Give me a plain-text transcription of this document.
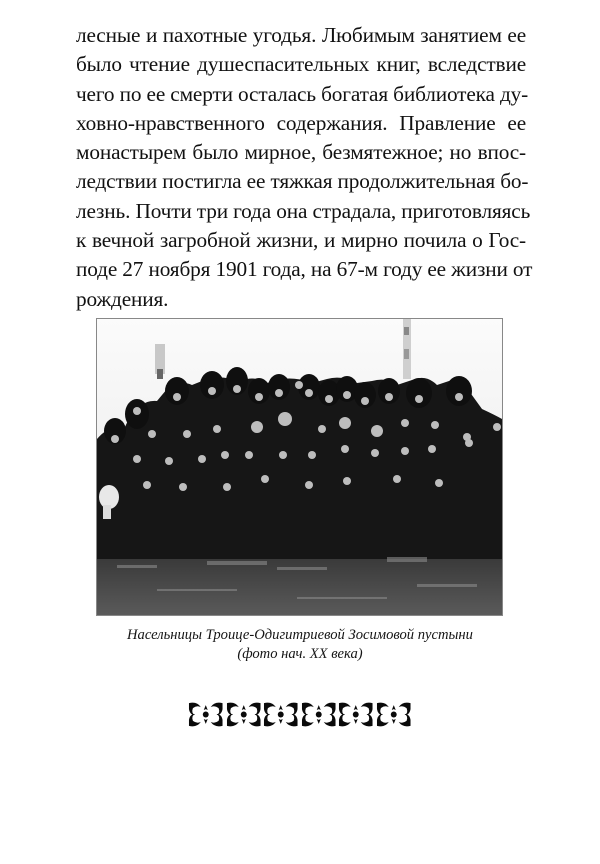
лесные и пахотные угодья. Любимым занятием ее
было чтение душеспасительных книг, вследствие
чего по ее смерти осталась богатая библиотека ду-
ховно-нравственного содержания. Правление ее
монастырем было мирное, безмятежное; но впос-
ледствии постигла ее тяжкая продолжительная бо-
лезнь. Почти три года она страдала, приготовляясь
к вечной загробной жизни, и мирно почила о Гос-
поде 27 ноября 1901 года, на 67-м году ее жизни от
рождения.
Насельницы Троице-Одигитриевой Зосимовой пустыни
(фото нач. XX века)
